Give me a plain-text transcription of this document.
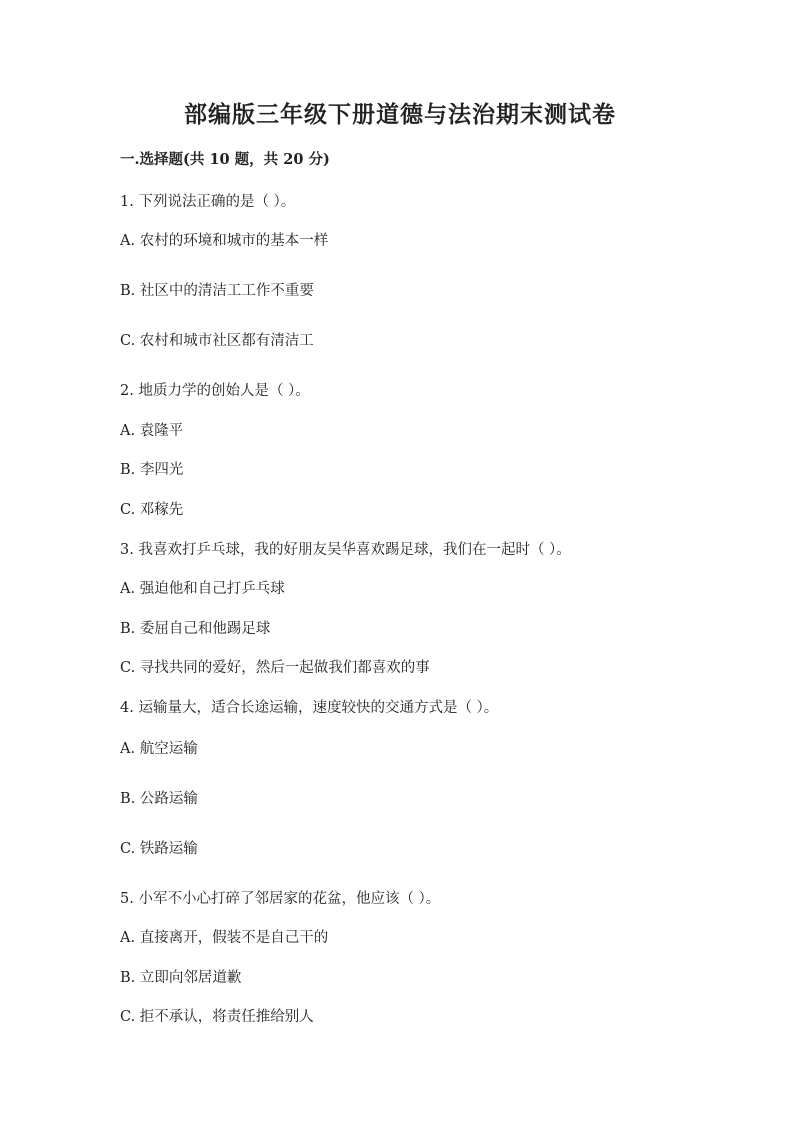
部编版三年级下册道德与法治期末测试卷
一.选择题(共 10 题，共 20 分)
1. 下列说法正确的是（ ）。
A. 农村的环境和城市的基本一样
B. 社区中的清洁工工作不重要
C. 农村和城市社区都有清洁工
2. 地质力学的创始人是（ ）。
A. 袁隆平
B. 李四光
C. 邓稼先
3. 我喜欢打乒乓球，我的好朋友吴华喜欢踢足球，我们在一起时（ ）。
A. 强迫他和自己打乒乓球
B. 委屈自己和他踢足球
C. 寻找共同的爱好，然后一起做我们都喜欢的事
4. 运输量大，适合长途运输，速度较快的交通方式是（ ）。
A. 航空运输
B. 公路运输
C. 铁路运输
5. 小军不小心打碎了邻居家的花盆，他应该（ ）。
A. 直接离开，假装不是自己干的
B. 立即向邻居道歉
C. 拒不承认，将责任推给别人
